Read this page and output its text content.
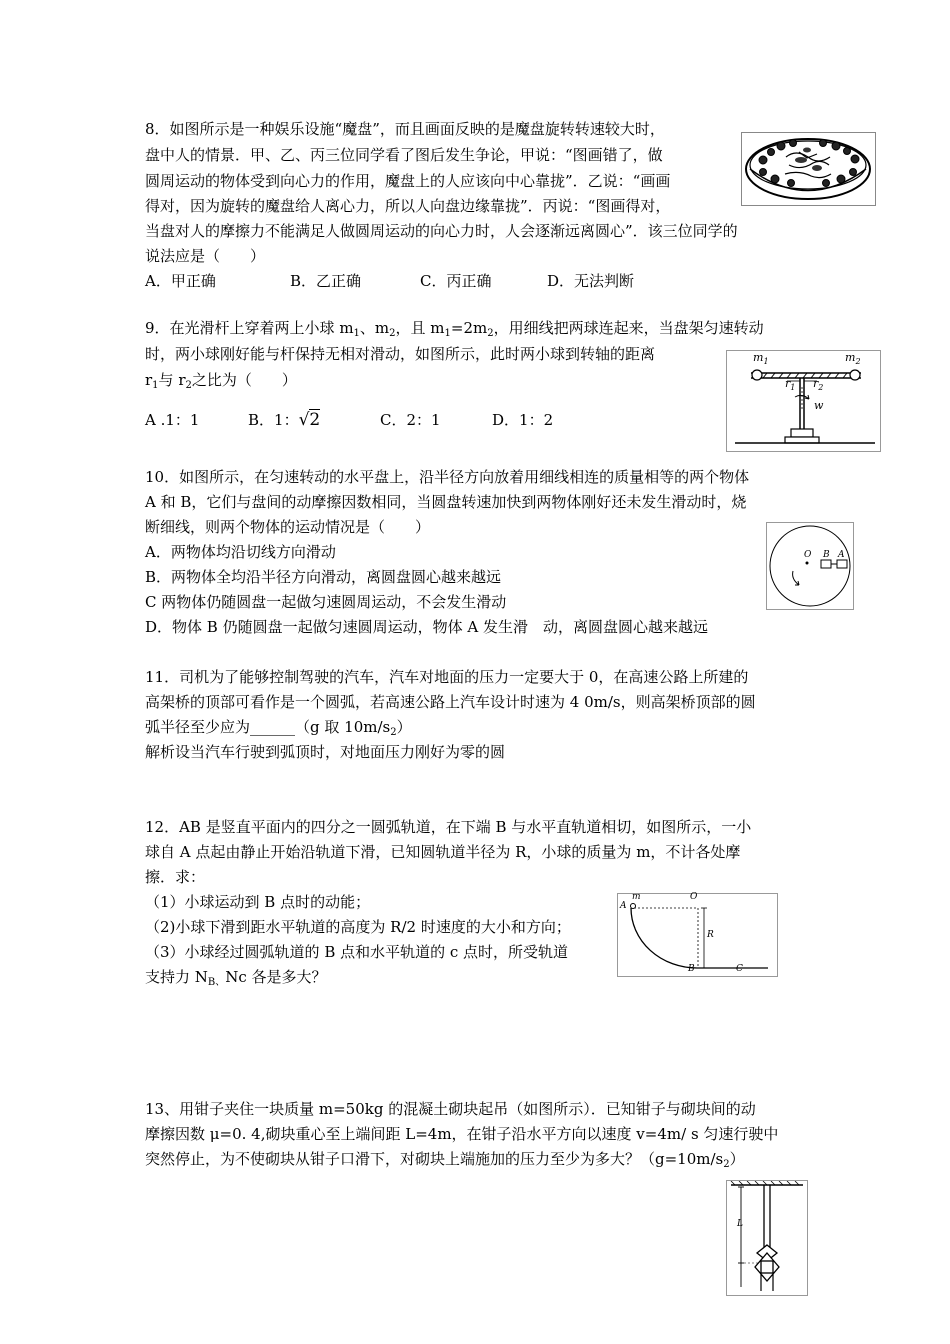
8．如图所示是一种娱乐设施“魔盘”，而且画面反映的是魔盘旋转转速较大时，
盘中人的情景．甲、乙、丙三位同学看了图后发生争论，甲说：“图画错了，做
圆周运动的物体受到向心力的作用，魔盘上的人应该向中心靠拢”．乙说：“画画
得对，因为旋转的魔盘给人离心力，所以人向盘边缘靠拢”．丙说：“图画得对，
当盘对人的摩擦力不能满足人做圆周运动的向心力时，人会逐渐远离圆心”．该三位同学的
说法应是（　　）
A．甲正确	B．乙正确	C．丙正确	D．无法判断
9．在光滑杆上穿着两上小球 $m_1$、$m_2$，且 $m_1=2m_2$，用细线把两球连起来，当盘架匀速转动
时，两小球刚好能与杆保持无相对滑动，如图所示，此时两小球到转轴的距离
$r_1$与 $r_2$之比为（　　）
A .1：1	B．1：√2	C．2：1	D．1：2
$m_1$	$m_2$
$r_1$ $r_2$
w
10．如图所示，在匀速转动的水平盘上，沿半径方向放着用细线相连的质量相等的两个物体
A 和 B，它们与盘间的动摩擦因数相同，当圆盘转速加快到两物体刚好还未发生滑动时，烧
断细线，则两个物体的运动情况是（　　）
A．两物体均沿切线方向滑动
B．两物体全均沿半径方向滑动，离圆盘圆心越来越远
C 两物体仍随圆盘一起做匀速圆周运动，不会发生滑动
D．物体 B 仍随圆盘一起做匀速圆周运动，物体 A 发生滑　动，离圆盘圆心越来越远
O B A
11．司机为了能够控制驾驶的汽车，汽车对地面的压力一定要大于 0，在高速公路上所建的
高架桥的顶部可看作是一个圆弧，若高速公路上汽车设计时速为 4 0m/s，则高架桥顶部的圆
弧半径至少应为______（g 取 $10m/s_2$）
解析设当汽车行驶到弧顶时，对地面压力刚好为零的圆
12．AB 是竖直平面内的四分之一圆弧轨道，在下端 B 与水平直轨道相切，如图所示，一小
球自 A 点起由静止开始沿轨道下滑，已知圆轨道半径为 R，小球的质量为 m，不计各处摩
擦．求：
（1）小球运动到 B 点时的动能；
（2)小球下滑到距水平轨道的高度为 R/2 时速度的大小和方向；
（3）小球经过圆弧轨道的 B 点和水平轨道的 c 点时，所受轨道
支持力 $N_{B、}Nc$ 各是多大？
m	O
A
R
B	C
13、用钳子夹住一块质量 m=50kg 的混凝土砌块起吊（如图所示）．已知钳子与砌块间的动
摩擦因数 μ=0. 4,砌块重心至上端间距 L=4m，在钳子沿水平方向以速度 v=4m/ s 匀速行驶中
突然停止，为不使砌块从钳子口滑下，对砌块上端施加的压力至少为多大？$(g=10m/s_2)$
L
